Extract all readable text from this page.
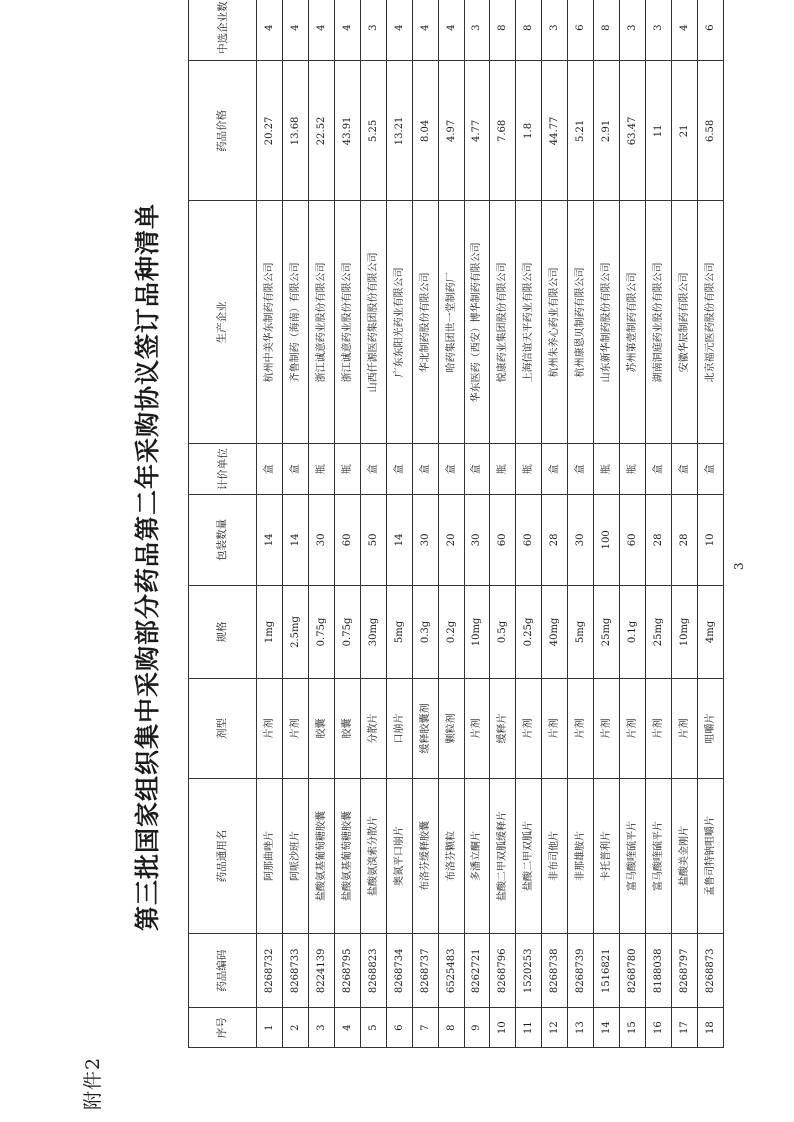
附件2
第三批国家组织集中采购部分药品第二年采购协议签订品种清单
序号	药品编码	药品通用名	剂型	规格	包装数量	计价单位	生产企业	药品价格	中选企业数
1	8268732	阿那曲唑片	片剂	1mg	14	盒	杭州中美华东制药有限公司	20.27	4
2	8268733	阿哌沙班片	片剂	2.5mg	14	盒	齐鲁制药（海南）有限公司	13.68	4
3	8224139	盐酸氨基葡萄糖胶囊	胶囊	0.75g	30	瓶	浙江诚意药业股份有限公司	22.52	4
4	8268795	盐酸氨基葡萄糖胶囊	胶囊	0.75g	60	瓶	浙江诚意药业股份有限公司	43.91	4
5	8268823	盐酸氨溴索分散片	分散片	30mg	50	盒	山西仟源医药集团股份有限公司	5.25	3
6	8268734	奥氮平口崩片	口崩片	5mg	14	盒	广东东阳光药业有限公司	13.21	4
7	8268737	布洛芬缓释胶囊	缓释胶囊剂	0.3g	30	盒	华北制药股份有限公司	8.04	4
8	6525483	布洛芬颗粒	颗粒剂	0.2g	20	盒	哈药集团世一堂制药厂	4.97	4
9	8262721	多潘立酮片	片剂	10mg	30	盒	华东医药（西安）博华制药有限公司	4.77	3
10	8268796	盐酸二甲双胍缓释片	缓释片	0.5g	60	瓶	悦康药业集团股份有限公司	7.68	8
11	1520253	盐酸二甲双胍片	片剂	0.25g	60	瓶	上海信谊天平药业有限公司	1.8	8
12	8268738	非布司他片	片剂	40mg	28	盒	杭州朱养心药业有限公司	44.77	3
13	8268739	非那雄胺片	片剂	5mg	30	盒	杭州康恩贝制药有限公司	5.21	6
14	1516821	卡托普利片	片剂	25mg	100	瓶	山东新华制药股份有限公司	2.91	8
15	8268780	富马酸喹硫平片	片剂	0.1g	60	瓶	苏州第壹制药有限公司	63.47	3
16	8188038	富马酸喹硫平片	片剂	25mg	28	盒	湖南洞庭药业股份有限公司	11	3
17	8268797	盐酸美金刚片	片剂	10mg	28	盒	安徽华辰制药有限公司	21	4
18	8268873	孟鲁司特钠咀嚼片	咀嚼片	4mg	10	盒	北京福元医药股份有限公司	6.58	6
3
